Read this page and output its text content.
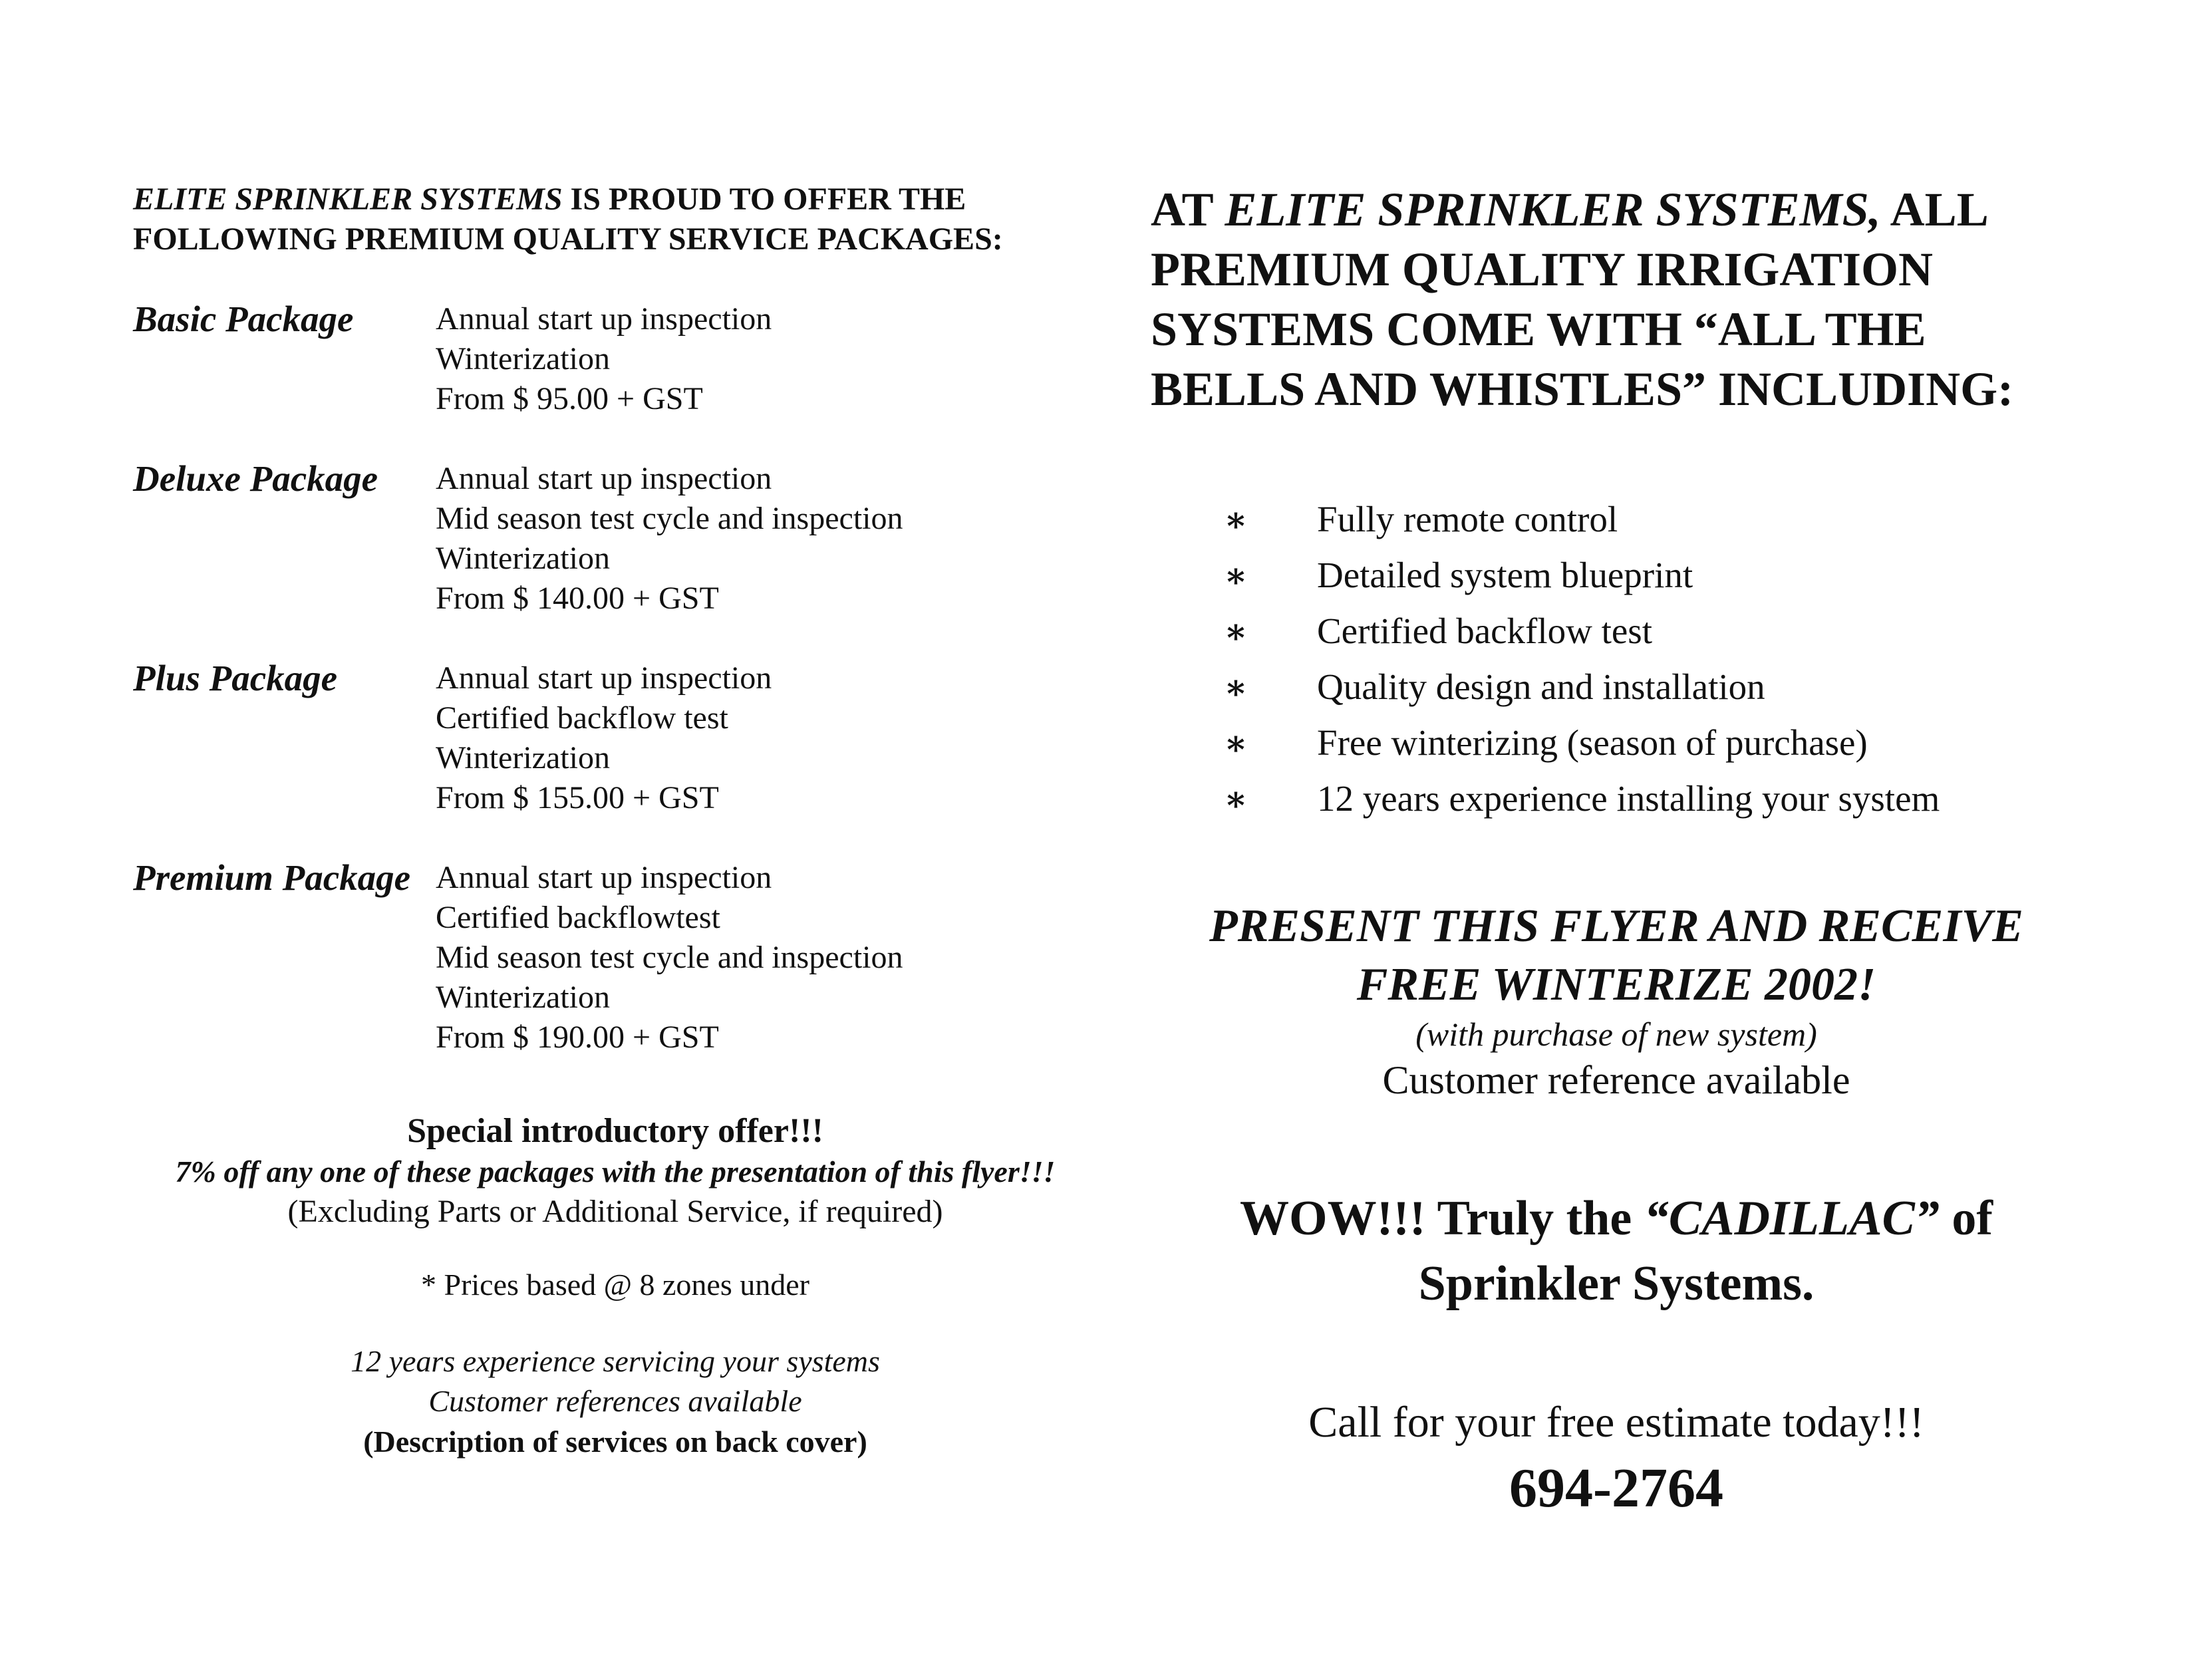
ELITE SPRINKLER SYSTEMS IS PROUD TO OFFER THE
FOLLOWING PREMIUM QUALITY SERVICE PACKAGES:
Basic Package	Annual start up inspection
Winterization
From $ 95.00 + GST
Deluxe Package	Annual start up inspection
Mid season test cycle and inspection
Winterization
From $ 140.00 + GST
Plus Package	Annual start up inspection
Certified backflow test
Winterization
From $ 155.00 + GST
Premium Package Annual start up inspection
Certified backflowtest
Mid season test cycle and inspection
Winterization
From $ 190.00 + GST
Special introductory offer!!!
7% off any one of these packages with the presentation of this flyer!!!
(Excluding Parts or Additional Service, if required)
* Prices based @ 8 zones under
12 years experience servicing your systems
Customer references available
(Description of services on back cover)
AT ELITE SPRINKLER SYSTEMS, ALL
PREMIUM QUALITY IRRIGATION
SYSTEMS COME WITH “ALL THE
BELLS AND WHISTLES” INCLUDING:
∗	Fully remote control
∗	Detailed system blueprint
∗	Certified backflow test
∗	Quality design and installation
∗	Free winterizing (season of purchase)
∗	12 years experience installing your system
PRESENT THIS FLYER AND RECEIVE
FREE WINTERIZE 2002!
(with purchase of new system)
Customer reference available
WOW!!! Truly the “CADILLAC” of
Sprinkler Systems.
Call for your free estimate today!!!
694-2764
